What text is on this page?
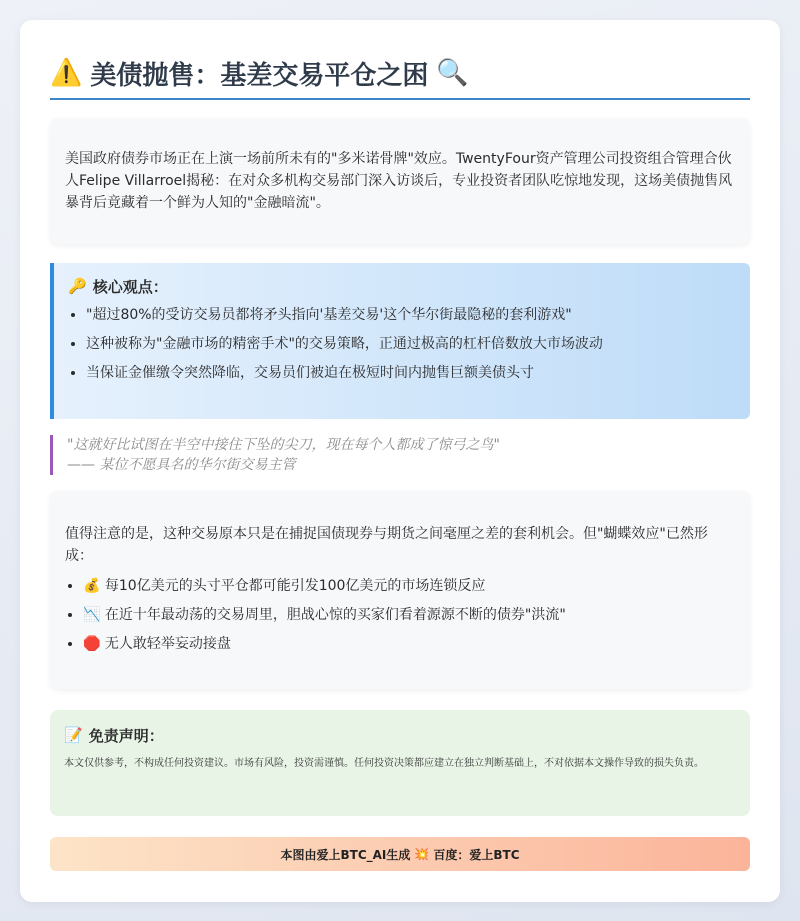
⚠️ 美债抛售：基差交易平仓之困 🔍
美国政府债券市场正在上演一场前所未有的"多米诺骨牌"效应。TwentyFour资产管理公司投资组合管理合伙人Felipe Villarroel揭秘：在对众多机构交易部门深入访谈后，专业投资者团队吃惊地发现，这场美债抛售风暴背后竟藏着一个鲜为人知的"金融暗流"。
🔑 核心观点：
• "超过80%的受访交易员都将矛头指向'基差交易'这个华尔街最隐秘的套利游戏"
• 这种被称为"金融市场的精密手术"的交易策略，正通过极高的杠杆倍数放大市场波动
• 当保证金催缴令突然降临，交易员们被迫在极短时间内抛售巨额美债头寸
"这就好比试图在半空中接住下坠的尖刀，现在每个人都成了惊弓之鸟"
—— 某位不愿具名的华尔街交易主管
值得注意的是，这种交易原本只是在捕捉国债现券与期货之间毫厘之差的套利机会。但"蝴蝶效应"已然形成：
• 💰 每10亿美元的头寸平仓都可能引发100亿美元的市场连锁反应
• 📉 在近十年最动荡的交易周里，胆战心惊的买家们看着源源不断的债券"洪流"
• 🛑 无人敢轻举妄动接盘
📝 免责声明：
本文仅供参考，不构成任何投资建议。市场有风险，投资需谨慎。任何投资决策都应建立在独立判断基础上，不对依据本文操作导致的损失负责。
本图由爱上BTC_AI生成 💥 百度：爱上BTC
